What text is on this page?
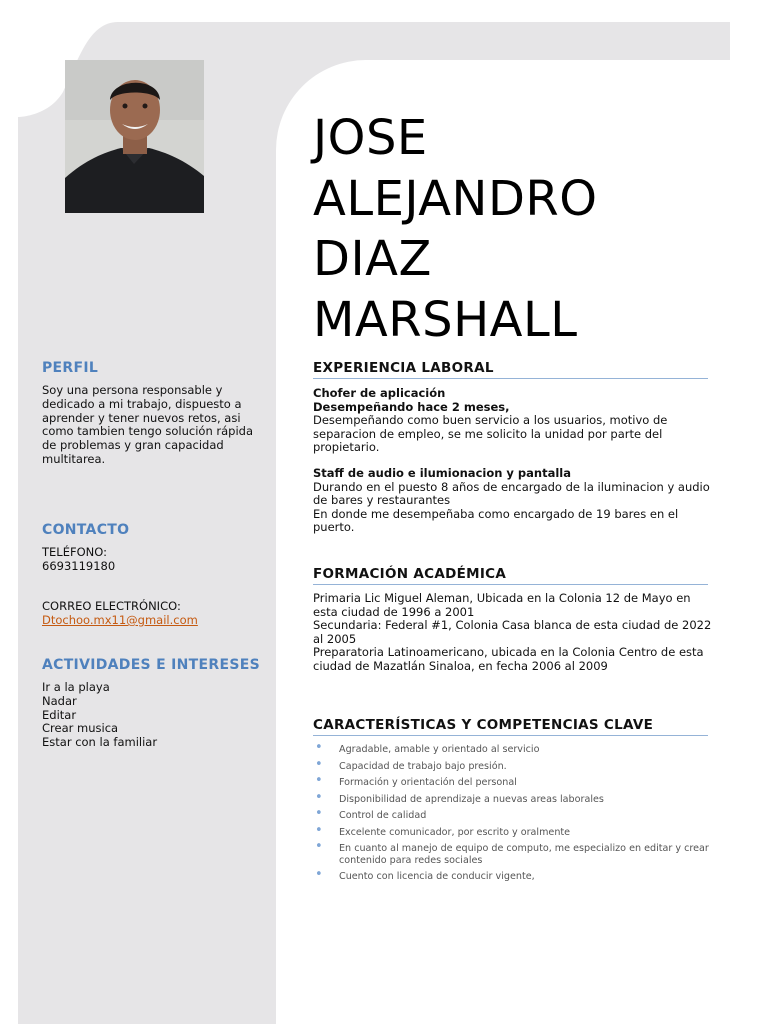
JOSE
ALEJANDRO
DIAZ
MARSHALL
PERFIL
Soy una persona responsable y dedicado a mi trabajo, dispuesto a aprender y tener nuevos retos, asi como tambien tengo solución rápida de problemas y gran capacidad multitarea.
CONTACTO
TELÉFONO:
6693119180
CORREO ELECTRÓNICO:
Dtochoo.mx11@gmail.com
ACTIVIDADES E INTERESES
Ir a la playa
Nadar
Editar
Crear musica
Estar con la familiar
EXPERIENCIA LABORAL
Chofer de aplicación
Desempeñando hace 2 meses,
Desempeñando como buen servicio a los usuarios, motivo de separacion de empleo, se me solicito la unidad por parte del propietario.
Staff de audio e ilumionacion y pantalla
Durando en el puesto 8 años de encargado de la iluminacion y audio de bares y restaurantes
En donde me desempeñaba como encargado de 19 bares en el puerto.
FORMACIÓN ACADÉMICA
Primaria Lic Miguel Aleman, Ubicada en la Colonia 12 de Mayo en esta ciudad de 1996 a 2001
Secundaria: Federal #1, Colonia Casa blanca de esta ciudad de 2022 al 2005
Preparatoria Latinoamericano, ubicada en la Colonia Centro de esta ciudad de Mazatlán Sinaloa, en fecha 2006 al 2009
CARACTERÍSTICAS Y COMPETENCIAS CLAVE
• Agradable, amable y orientado al servicio
• Capacidad de trabajo bajo presión.
• Formación y orientación del personal
• Disponibilidad de aprendizaje a nuevas areas laborales
• Control de calidad
• Excelente comunicador, por escrito y oralmente
• En cuanto al manejo de equipo de computo, me especializo en editar y crear contenido para redes sociales
• Cuento con licencia de conducir vigente,
